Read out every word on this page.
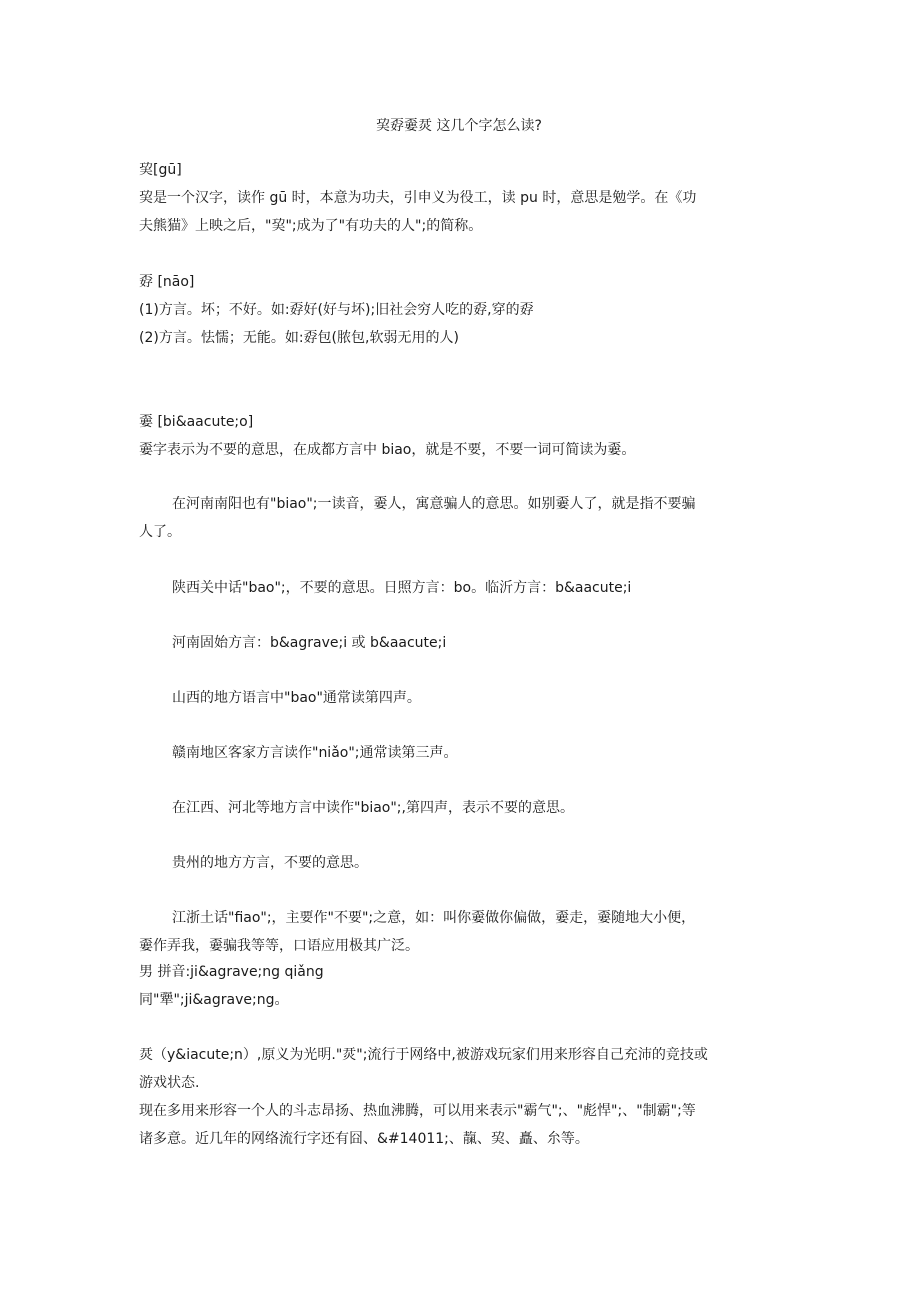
巭孬嫑烎 这几个字怎么读?
巭[gū]
巭是一个汉字，读作 gū 时，本意为功夫，引申义为役工，读 pu 时，意思是勉学。在《功
夫熊猫》上映之后，"巭";成为了"有功夫的人";的简称。
孬 [nāo]
(1)方言。坏；不好。如:孬好(好与坏);旧社会穷人吃的孬,穿的孬
(2)方言。怯懦；无能。如:孬包(脓包,软弱无用的人)
嫑 [bi&aacute;o]
嫑字表示为不要的意思，在成都方言中 biao，就是不要，不要一词可简读为嫑。
在河南南阳也有"biao";一读音，嫑人，寓意骗人的意思。如别嫑人了，就是指不要骗
人了。
陕西关中话"bao";，不要的意思。日照方言：bo。临沂方言：b&aacute;i
河南固始方言：b&agrave;i 或 b&aacute;i
山西的地方语言中"bao"通常读第四声。
赣南地区客家方言读作"niǎo";通常读第三声。
在江西、河北等地方言中读作"biao";,第四声，表示不要的意思。
贵州的地方方言，不要的意思。
江浙土话"fiao";，主要作"不要";之意，如：叫你嫑做你偏做，嫑走，嫑随地大小便，
嫑作弄我，嫑骗我等等，口语应用极其广泛。
男 拼音:ji&agrave;ng qiǎng
同"犟";ji&agrave;ng。
烎（y&iacute;n）,原义为光明."烎";流行于网络中,被游戏玩家们用来形容自己充沛的竞技或
游戏状态.
现在多用来形容一个人的斗志昂扬、热血沸腾，可以用来表示"霸气";、"彪悍";、"制霸";等
诸多意。近几年的网络流行字还有囧、&#14011;、靝、巭、矗、厼等。
